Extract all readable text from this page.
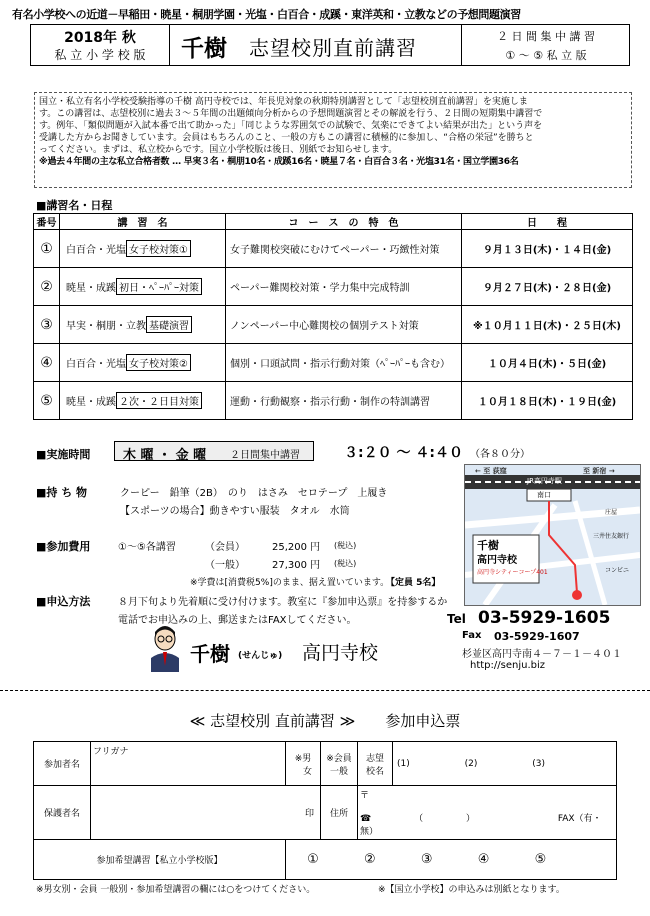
有名小学校への近道－早稲田・暁星・桐朋学園・光塩・白百合・成蹊・東洋英和・立教などの予想問題演習
2018年 秋
私 立 小 学 校 版	千樹 志望校別直前講習	２ 日 間 集 中 講 習
① ～ ⑤ 私 立 版
国立・私立有名小学校受験指導の千樹 高円寺校では、年長児対象の秋期特別講習として「志望校別直前講習」を実施しま
す。この講習は、志望校別に過去３～５年間の出題傾向分析からの予想問題演習とその解説を行う、２日間の短期集中講習で
す。例年、「類似問題が入試本番で出て助かった」「同じような雰囲気での試験で、気楽にできてよい結果が出た」という声を
受講した方からお聞きしています。会員はもちろんのこと、一般の方もこの講習に積極的に参加し、“合格の栄冠”を勝ちと
ってください。まずは、私立校からです。国立小学校版は後日、別紙でお知らせします。
※過去４年間の主な私立合格者数 … 早実３名・桐朋10名・成蹊16名・暁星７名・白百合３名・光塩31名・国立学園36名
■講習名・日程
番号	講　習　名	コ　ー　ス　の　特　色	日　　程
①	白百合・光塩 女子校対策①	女子難関校突破にむけてペーパー・巧緻性対策	９月１３日(木)・１４日(金)
②	暁星・成蹊 初日・ﾍﾟｰﾊﾟｰ対策	ペーパー難関校対策・学力集中完成特訓	９月２７日(木)・２８日(金)
③	早実・桐朋・立教 基礎演習	ノンペーパー中心難関校の個別テスト対策	※１０月１１日(木)・２５日(木)
④	白百合・光塩 女子校対策②	個別・口頭試問・指示行動対策（ﾍﾟｰﾊﾟｰも含む）	１０月４日(木)・５日(金)
⑤	暁星・成蹊 ２次・２日目対策	運動・行動観察・指示行動・制作の特訓講習	１０月１８日(木)・１９日(金)
■実施時間	木 曜 ・ 金 曜 ２日間集中講習	３:２０ ～ ４:４０ （各８０分）
■持 ち 物	クーピー　鉛筆（2B）　のり　はさみ　セロテープ　上履き
【スポーツの場合】動きやすい服装　タオル　水筒
■参加費用	①～⑤各講習	（会員）	25,200 円 (税込)
（一般）	27,300 円 (税込)
※学費は[消費税5%]のまま、据え置いています。
【定員 5名】
■申込方法	８月下旬より先着順に受け付けます。教室に『参加申込票』を持参するか
電話でお申込みの上、郵送またはFAXしてください。
← 至 荻窪	至 新宿 →
JR高円寺駅
南口
千樹
高円寺校
高円寺シティーコープ401
三井住友銀行
コンビニ
庄屋
Tel 03-5929-1605
Fax 03-5929-1607
杉並区高円寺南４－７－１－４０１
http://senju.biz
千樹 (せんじゅ) 高円寺校
≪ 志望校別 直前講習 ≫　　参加申込票
参加者名	フリガナ	※男
　女	※会員
一般	志望
校名	(1) (2) (3)
保護者名	印		住所	〒
☎ （ ） FAX（有・無）	

参加希望講習【私立小学校版】		① ② ③ ④ ⑤			
※男女別・会員 一般別・参加希望講習の欄には○をつけてください。	※【国立小学校】の申込みは別紙となります。
